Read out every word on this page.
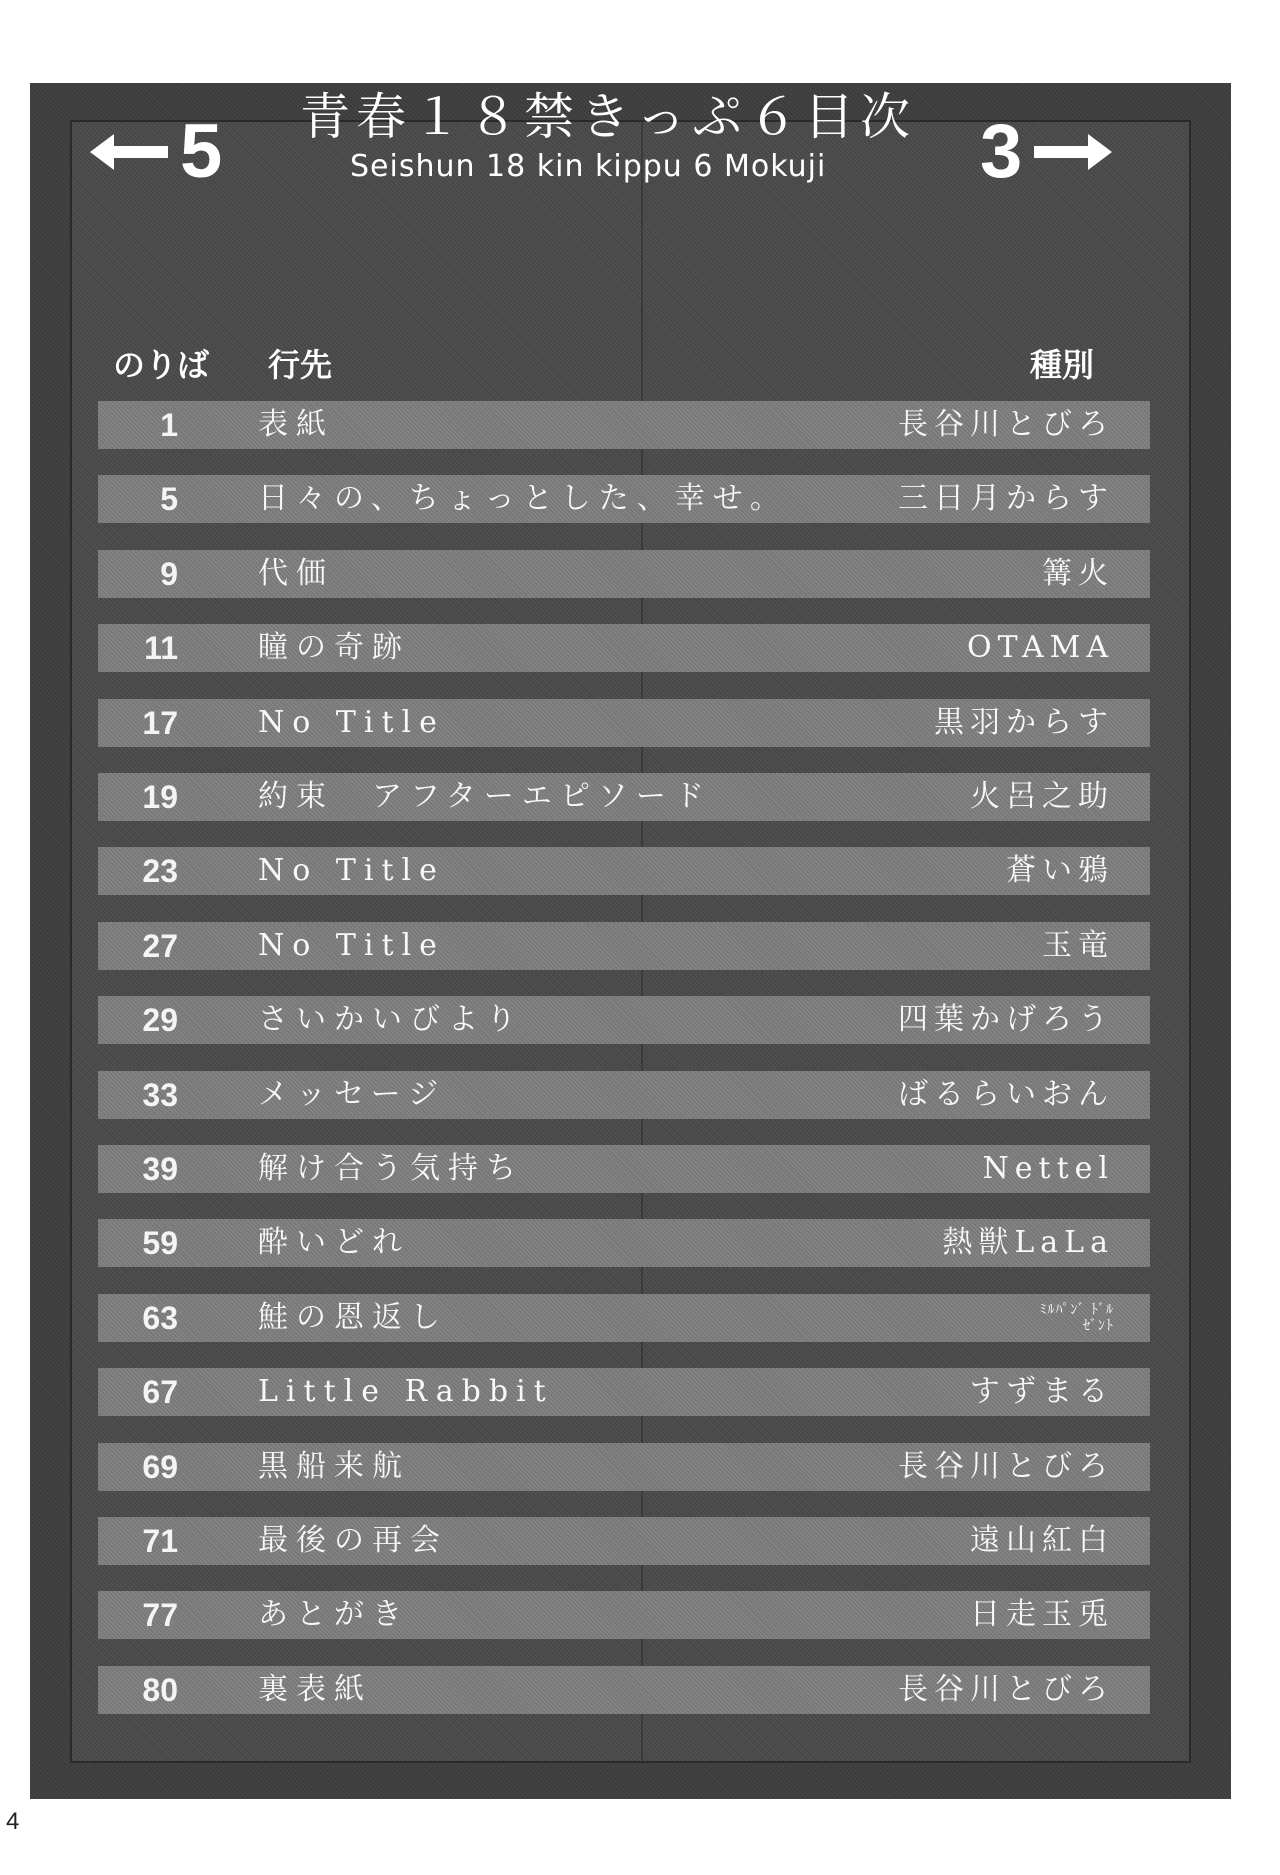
5 青春１８禁きっぷ６目次
Seishun 18 kin kippu 6 Mokuji	3
のりば 行先	種別
1	表紙	長谷川とびろ
5	日々の、ちょっとした、幸せ。	三日月からす
9	代価	篝火
11	瞳の奇跡	OTAMA
17	No Title	黒羽からす
19	約束　アフターエピソード	火呂之助
23	No Title	蒼い鴉
27	No Title	玉竜
29	さいかいびより	四葉かげろう
33	メッセージ	ばるらいおん
39	解け合う気持ち	Nettel
59	酔いどれ	熱獣LaLa
63	鮭の恩返し	ﾐﾙﾊﾟﾝﾞ ﾄﾞﾙｾﾞﾝﾄ
67	Little Rabbit	すずまる
69	黒船来航	長谷川とびろ
71	最後の再会	遠山紅白
77	あとがき	日走玉兎
80	裏表紙	長谷川とびろ
4
